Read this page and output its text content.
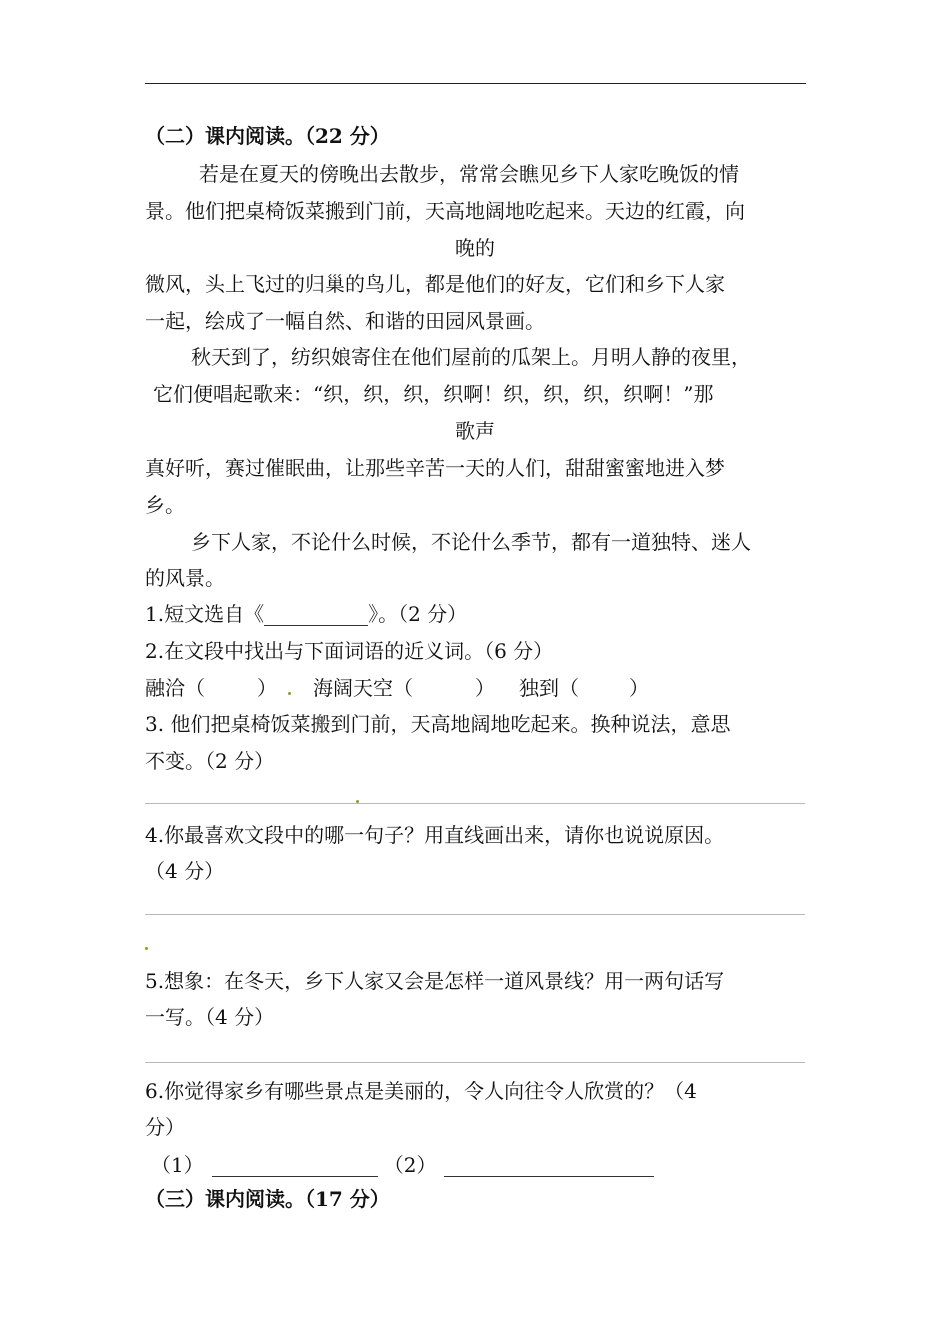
（二）课内阅读。（22 分）
若是在夏天的傍晚出去散步，常常会瞧见乡下人家吃晚饭的情
景。他们把桌椅饭菜搬到门前，天高地阔地吃起来。天边的红霞，向
晚的
微风，头上飞过的归巢的鸟儿，都是他们的好友，它们和乡下人家
一起，绘成了一幅自然、和谐的田园风景画。
秋天到了，纺织娘寄住在他们屋前的瓜架上。月明人静的夜里，
它们便唱起歌来：“织，织，织，织啊！织，织，织，织啊！”那
歌声
真好听，赛过催眠曲，让那些辛苦一天的人们，甜甜蜜蜜地进入梦
乡。
乡下人家，不论什么时候，不论什么季节，都有一道独特、迷人
的风景。
1.短文选自《	》。（2 分）
2.在文段中找出与下面词语的近义词。（6 分）
融洽（	） 海阔天空（	） 独到（	）
3. 他们把桌椅饭菜搬到门前，天高地阔地吃起来。换种说法，意思
不变。（2 分）
4.你最喜欢文段中的哪一句子？用直线画出来，请你也说说原因。
（4 分）
5.想象：在冬天，乡下人家又会是怎样一道风景线？用一两句话写
一写。（4 分）
6.你觉得家乡有哪些景点是美丽的，令人向往令人欣赏的？（4
分）
（1）	（2）
（三）课内阅读。（17 分）
